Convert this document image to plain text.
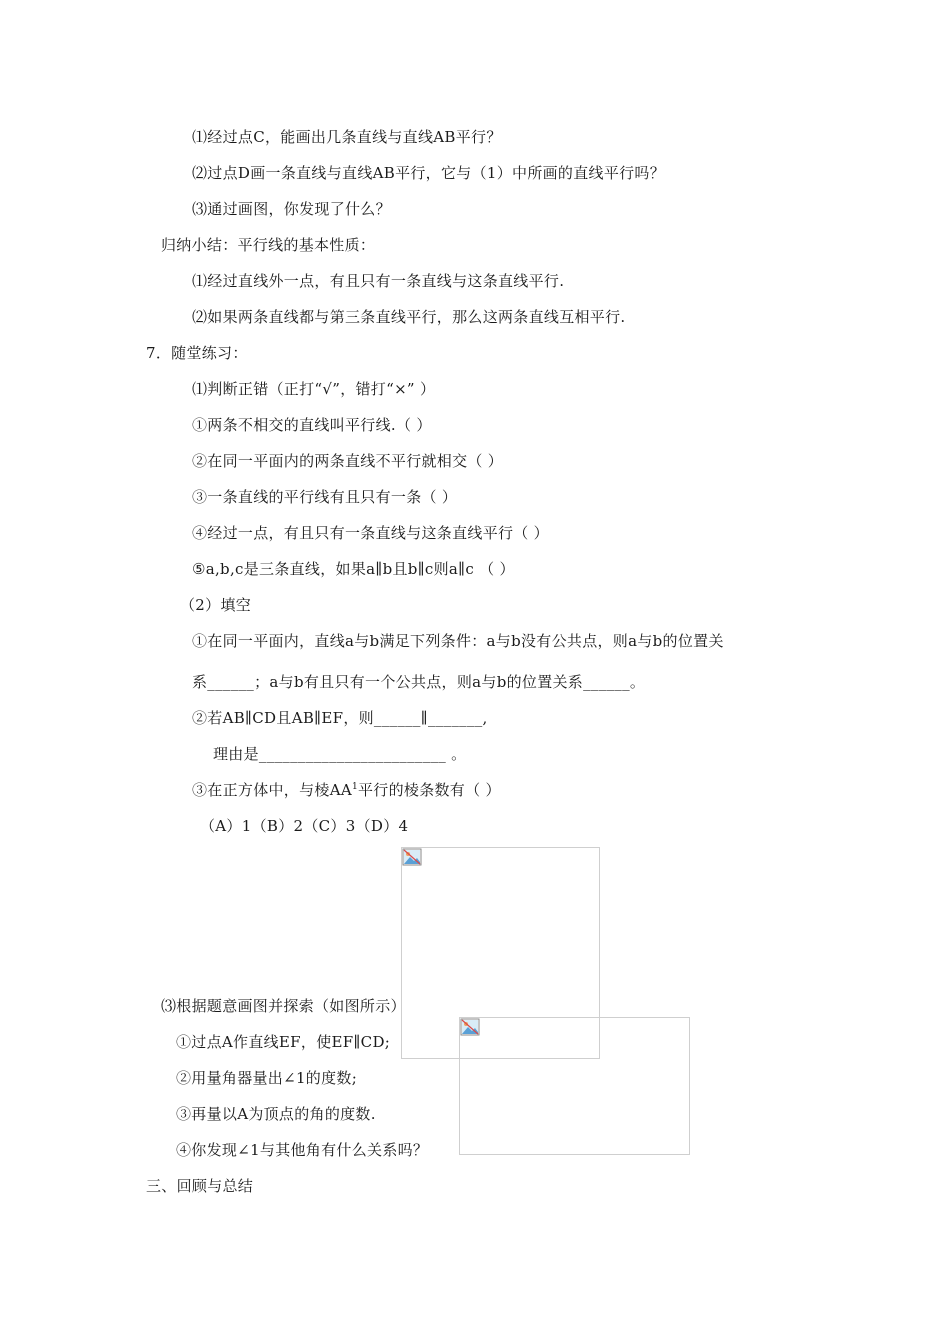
⑴经过点C，能画出几条直线与直线AB平行？
⑵过点D画一条直线与直线AB平行，它与（1）中所画的直线平行吗？
⑶通过画图，你发现了什么？
归纳小结：平行线的基本性质：
⑴经过直线外一点，有且只有一条直线与这条直线平行.
⑵如果两条直线都与第三条直线平行，那么这两条直线互相平行.
7．随堂练习：
⑴判断正错（正打“√”，错打“×” ）
①两条不相交的直线叫平行线.（ ）
②在同一平面内的两条直线不平行就相交（ ）
③一条直线的平行线有且只有一条（ ）
④经过一点，有且只有一条直线与这条直线平行（ ）
⑤a,b,c是三条直线，如果a∥b且b∥c则a∥c （ ）
（2）填空
①在同一平面内，直线a与b满足下列条件：a与b没有公共点，则a与b的位置关
系______；a与b有且只有一个公共点，则a与b的位置关系______。
②若AB∥CD且AB∥EF，则______∥_______,
理由是________________________ 。
③在正方体中，与棱$AA^1$平行的棱条数有（ ）
（A）1（B）2（C）3（D）4
⑶根据题意画图并探索（如图所示）
①过点A作直线EF，使EF∥CD;
②用量角器量出∠1的度数;
③再量以A为顶点的角的度数.
④你发现∠1与其他角有什么关系吗？
三、回顾与总结
